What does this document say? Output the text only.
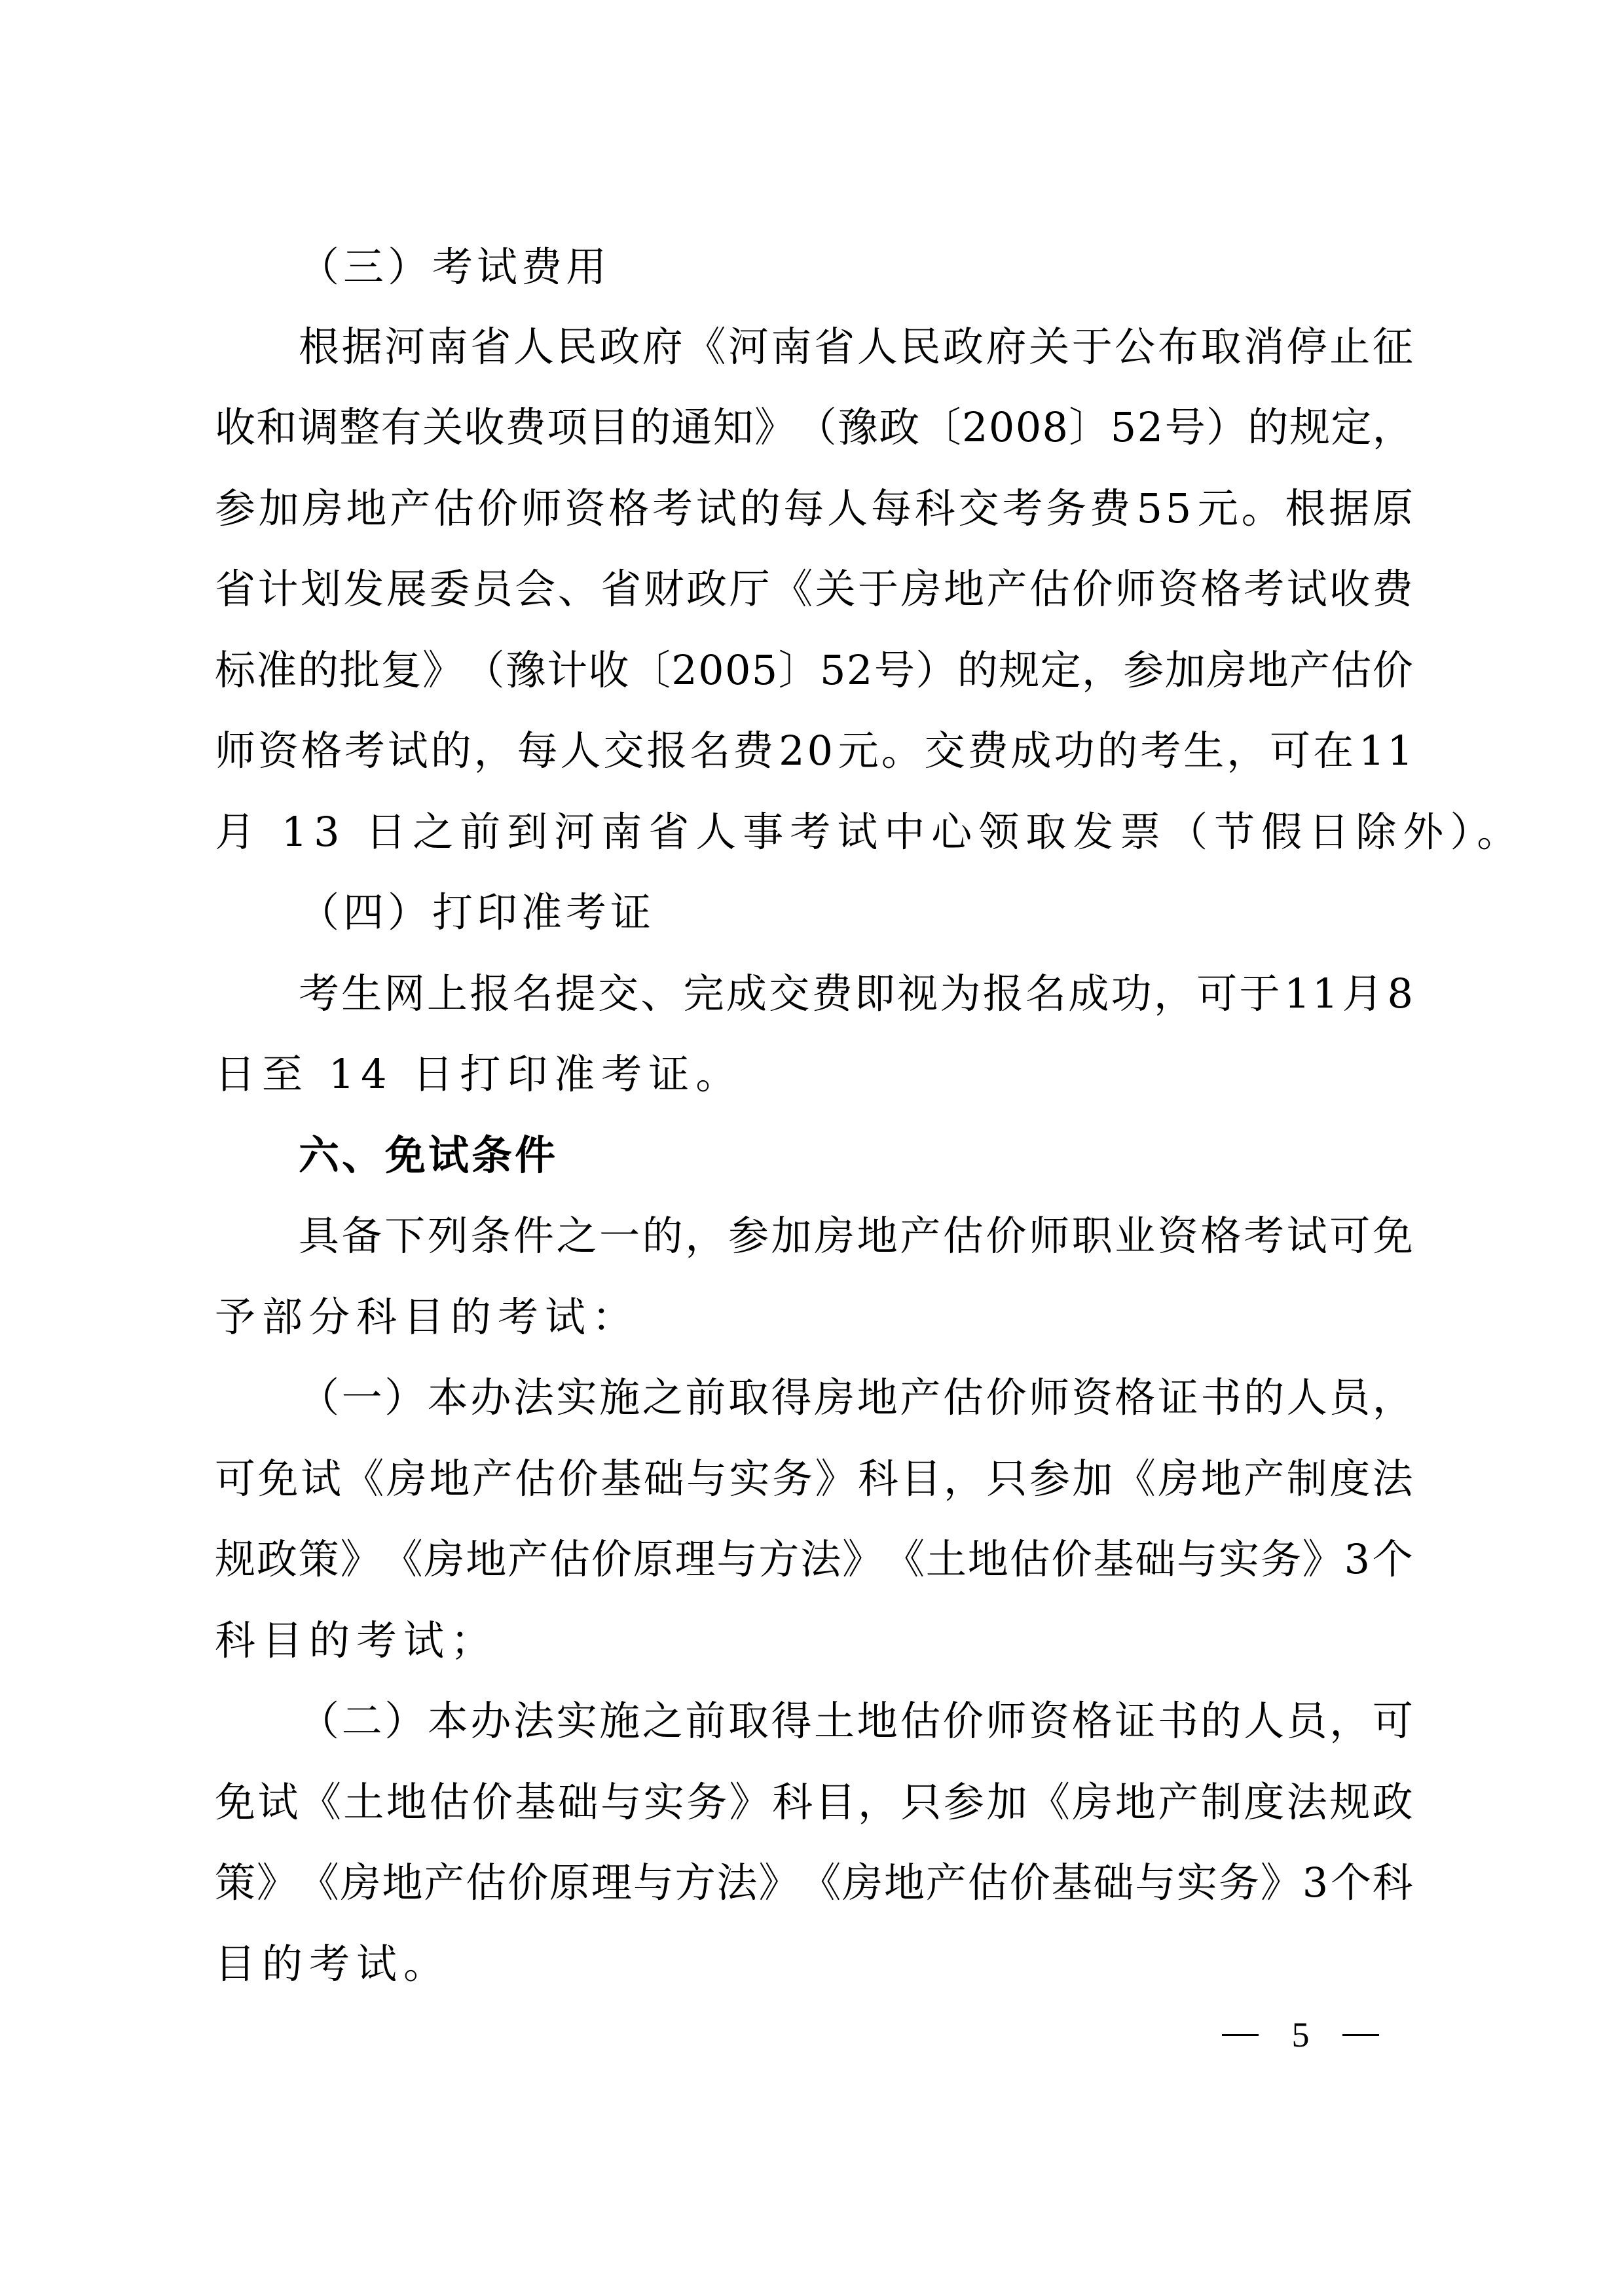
（三）考试费用
根 据 河 南 省 人 民 政 府 《 河 南 省 人 民 政 府 关 于 公 布 取 消 停 止 征
收 和 调 整 有 关 收 费 项 目 的 通 知 》 （ 豫 政 〔 2 0 0 8 〕 5 2
号 ） 的 规 定 ，
参 加 房 地 产 估 价 师 资 格 考 试 的 每 人 每 科 交 考 务 费
5 5
元 。 根 据 原
省 计 划 发 展 委 员 会 、 省 财 政 厅 《 关 于 房 地 产 估 价 师 资 格 考 试 收 费
标 准 的 批 复 》 （ 豫 计 收 〔 2 0 0 5 〕 5 2
号 ） 的 规 定 ， 参 加 房 地 产 估 价
师 资 格 考 试 的 ， 每 人 交 报 名 费
2 0
元 。 交 费 成 功 的 考 生 ， 可 在
1 1
月 13 日之前到河南省人事考试中心领取发票（节假日除外）。
（四）打印准考证
考 生 网 上 报 名 提 交 、 完 成 交 费 即 视 为 报 名 成 功 ， 可 于
1 1
月
8
日至 14 日打印准考证。
六、免试条件
具 备 下 列 条 件 之 一 的 ， 参 加 房 地 产 估 价 师 职 业 资 格 考 试 可 免
予部分科目的考试：
（ 一 ） 本 办 法 实 施 之 前 取 得 房 地 产 估 价 师 资 格 证 书 的 人 员 ，
可 免 试 《 房 地 产 估 价 基 础 与 实 务 》 科 目 ， 只 参 加 《 房 地 产 制 度 法
规 政 策 》 《 房 地 产 估 价 原 理 与 方 法 》 《 土 地 估 价 基 础 与 实 务 》 3
个
科目的考试；
（ 二 ） 本 办 法 实 施 之 前 取 得 土 地 估 价 师 资 格 证 书 的 人 员 ， 可
免 试 《 土 地 估 价 基 础 与 实 务 》 科 目 ， 只 参 加 《 房 地 产 制 度 法 规 政
策 》 《 房 地 产 估 价 原 理 与 方 法 》 《 房 地 产 估 价 基 础 与 实 务 》 3
个 科
目的考试。
5
